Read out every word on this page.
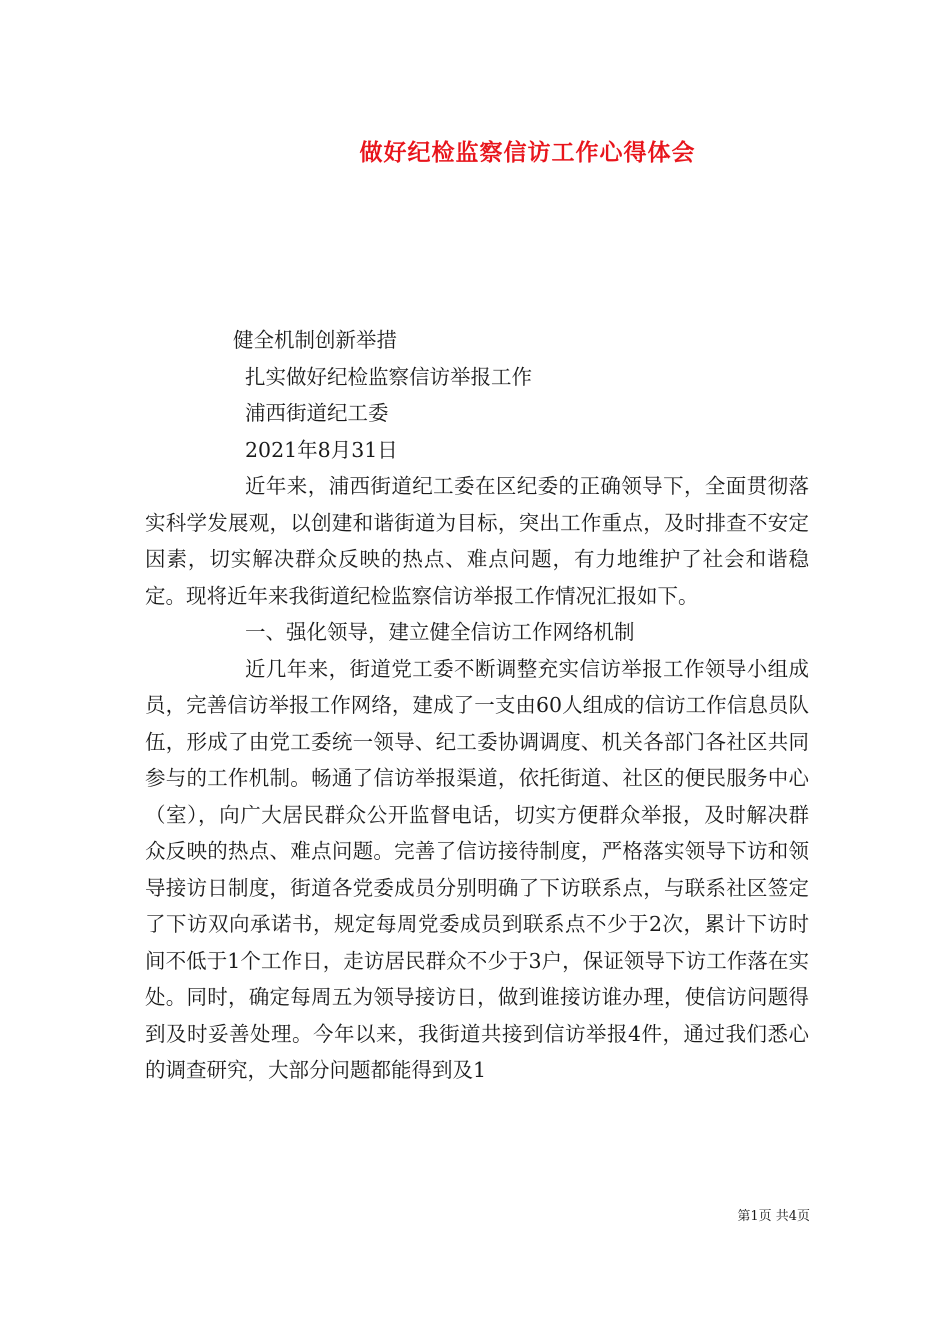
做好纪检监察信访工作心得体会

健全机制创新举措

扎实做好纪检监察信访举报工作

浦西街道纪工委

2021年8月31日

近年来，浦西街道纪工委在区纪委的正确领导下，全面贯彻落实科学发展观，以创建和谐街道为目标，突出工作重点，及时排查不安定因素，切实解决群众反映的热点、难点问题，有力地维护了社会和谐稳定。现将近年来我街道纪检监察信访举报工作情况汇报如下。

一、强化领导，建立健全信访工作网络机制

近几年来，街道党工委不断调整充实信访举报工作领导小组成员，完善信访举报工作网络，建成了一支由60人组成的信访工作信息员队伍，形成了由党工委统一领导、纪工委协调调度、机关各部门各社区共同参与的工作机制。畅通了信访举报渠道，依托街道、社区的便民服务中心（室），向广大居民群众公开监督电话，切实方便群众举报，及时解决群众反映的热点、难点问题。完善了信访接待制度，严格落实领导下访和领导接访日制度，街道各党委成员分别明确了下访联系点，与联系社区签定了下访双向承诺书，规定每周党委成员到联系点不少于2次，累计下访时间不低于1个工作日，走访居民群众不少于3户，保证领导下访工作落在实处。同时，确定每周五为领导接访日，做到谁接访谁办理，使信访问题得到及时妥善处理。今年以来，我街道共接到信访举报4件，通过我们悉心的调查研究，大部分问题都能得到及1

第1页 共4页
